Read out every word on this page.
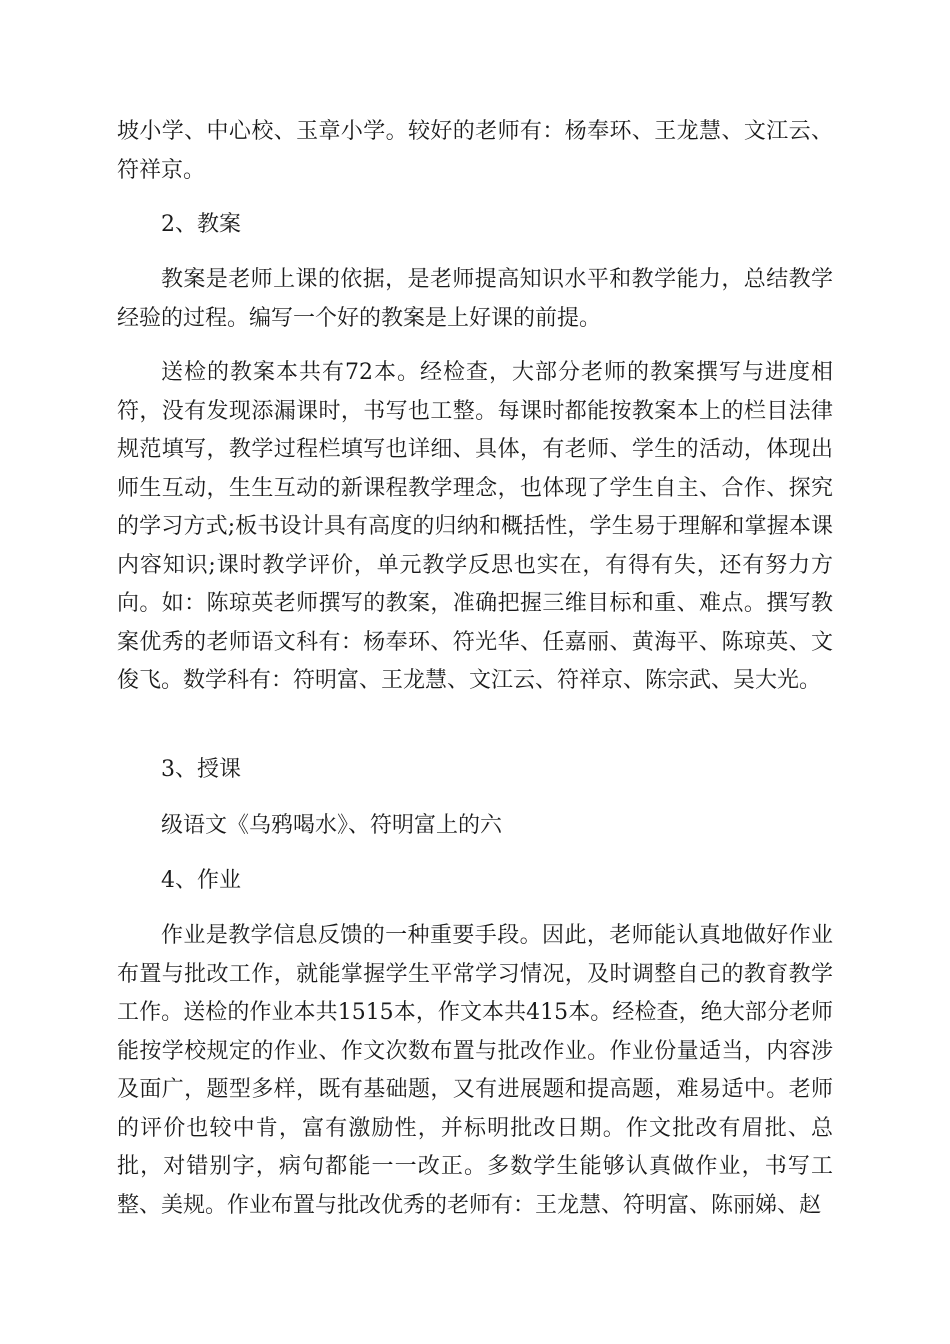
坡小学、中心校、玉章小学。较好的老师有：杨奉环、王龙慧、文江云、符祥京。

2、教案

教案是老师上课的依据，是老师提高知识水平和教学能力，总结教学经验的过程。编写一个好的教案是上好课的前提。

送检的教案本共有72本。经检查，大部分老师的教案撰写与进度相符，没有发现添漏课时，书写也工整。每课时都能按教案本上的栏目法律规范填写，教学过程栏填写也详细、具体，有老师、学生的活动，体现出师生互动，生生互动的新课程教学理念，也体现了学生自主、合作、探究的学习方式;板书设计具有高度的归纳和概括性，学生易于理解和掌握本课内容知识;课时教学评价，单元教学反思也实在，有得有失，还有努力方向。如：陈琼英老师撰写的教案，准确把握三维目标和重、难点。撰写教案优秀的老师语文科有：杨奉环、符光华、任嘉丽、黄海平、陈琼英、文俊飞。数学科有：符明富、王龙慧、文江云、符祥京、陈宗武、吴大光。

3、授课

级语文《乌鸦喝水》、符明富上的六

4、作业

作业是教学信息反馈的一种重要手段。因此，老师能认真地做好作业布置与批改工作，就能掌握学生平常学习情况，及时调整自己的教育教学工作。送检的作业本共1515本，作文本共415本。经检查，绝大部分老师能按学校规定的作业、作文次数布置与批改作业。作业份量适当，内容涉及面广，题型多样，既有基础题，又有进展题和提高题，难易适中。老师的评价也较中肯，富有激励性，并标明批改日期。作文批改有眉批、总批，对错别字，病句都能一一改正。多数学生能够认真做作业，书写工整、美规。作业布置与批改优秀的老师有：王龙慧、符明富、陈丽娣、赵
